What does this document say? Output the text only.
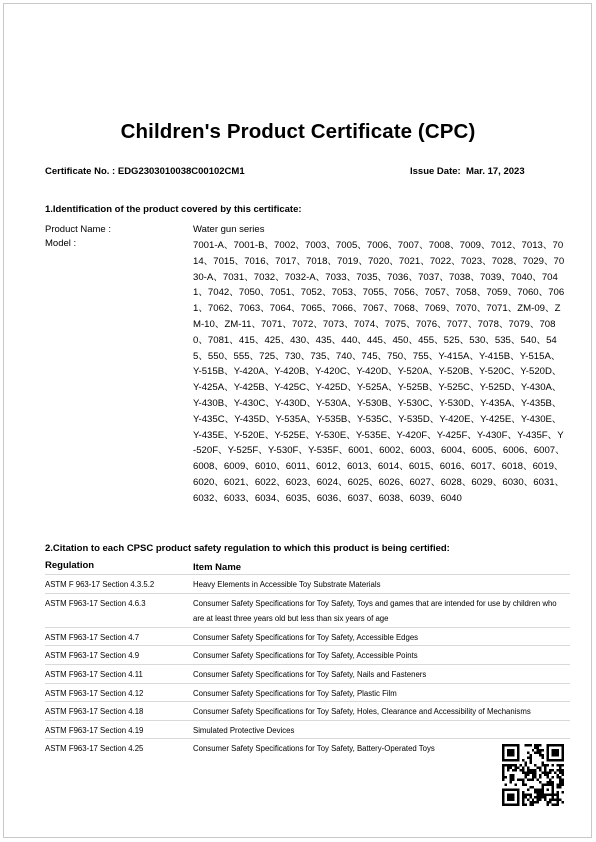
Children's Product Certificate (CPC)
Certificate No. : EDG2303010038C00102CM1	Issue Date: Mar. 17, 2023
1.Identification of the product covered by this certificate:
Product Name :	Water gun series
Model :	7001-A、7001-B、7002、7003、7005、7006、7007、7008、7009、7012、7013、7014、7015、7016、7017、7018、7019、7020、7021、7022、7023、7028、7029、7030-A、7031、7032、7032-A、7033、7035、7036、7037、7038、7039、7040、7041、7042、7050、7051、7052、7053、7055、7056、7057、7058、7059、7060、7061、7062、7063、7064、7065、7066、7067、7068、7069、7070、7071、ZM-09、ZM-10、ZM-11、7071、7072、7073、7074、7075、7076、7077、7078、7079、7080、7081、415、425、430、435、440、445、450、455、525、530、535、540、545、550、555、725、730、735、740、745、750、755、Y-415A、Y-415B、Y-515A、Y-515B、Y-420A、Y-420B、Y-420C、Y-420D、Y-520A、Y-520B、Y-520C、Y-520D、Y-425A、Y-425B、Y-425C、Y-425D、Y-525A、Y-525B、Y-525C、Y-525D、Y-430A、Y-430B、Y-430C、Y-430D、Y-530A、Y-530B、Y-530C、Y-530D、Y-435A、Y-435B、Y-435C、Y-435D、Y-535A、Y-535B、Y-535C、Y-535D、Y-420E、Y-425E、Y-430E、Y-435E、Y-520E、Y-525E、Y-530E、Y-535E、Y-420F、Y-425F、Y-430F、Y-435F、Y-520F、Y-525F、Y-530F、Y-535F、6001、6002、6003、6004、6005、6006、6007、6008、6009、6010、6011、6012、6013、6014、6015、6016、6017、6018、6019、6020、6021、6022、6023、6024、6025、6026、6027、6028、6029、6030、6031、6032、6033、6034、6035、6036、6037、6038、6039、6040
2.Citation to each CPSC product safety regulation to which this product is being certified:
Regulation	Item Name
ASTM F 963-17 Section 4.3.5.2	Heavy Elements in Accessible Toy Substrate Materials
ASTM F963-17 Section 4.6.3	Consumer Safety Specifications for Toy Safety, Toys and games that are intended for use by children who are at least three years old but less than six years of age
ASTM F963-17 Section 4.7	Consumer Safety Specifications for Toy Safety, Accessible Edges
ASTM F963-17 Section 4.9	Consumer Safety Specifications for Toy Safety, Accessible Points
ASTM F963-17 Section 4.11	Consumer Safety Specifications for Toy Safety, Nails and Fasteners
ASTM F963-17 Section 4.12	Consumer Safety Specifications for Toy Safety, Plastic Film
ASTM F963-17 Section 4.18	Consumer Safety Specifications for Toy Safety, Holes, Clearance and Accessibility of Mechanisms
ASTM F963-17 Section 4.19	Simulated Protective Devices
ASTM F963-17 Section 4.25	Consumer Safety Specifications for Toy Safety, Battery-Operated Toys
